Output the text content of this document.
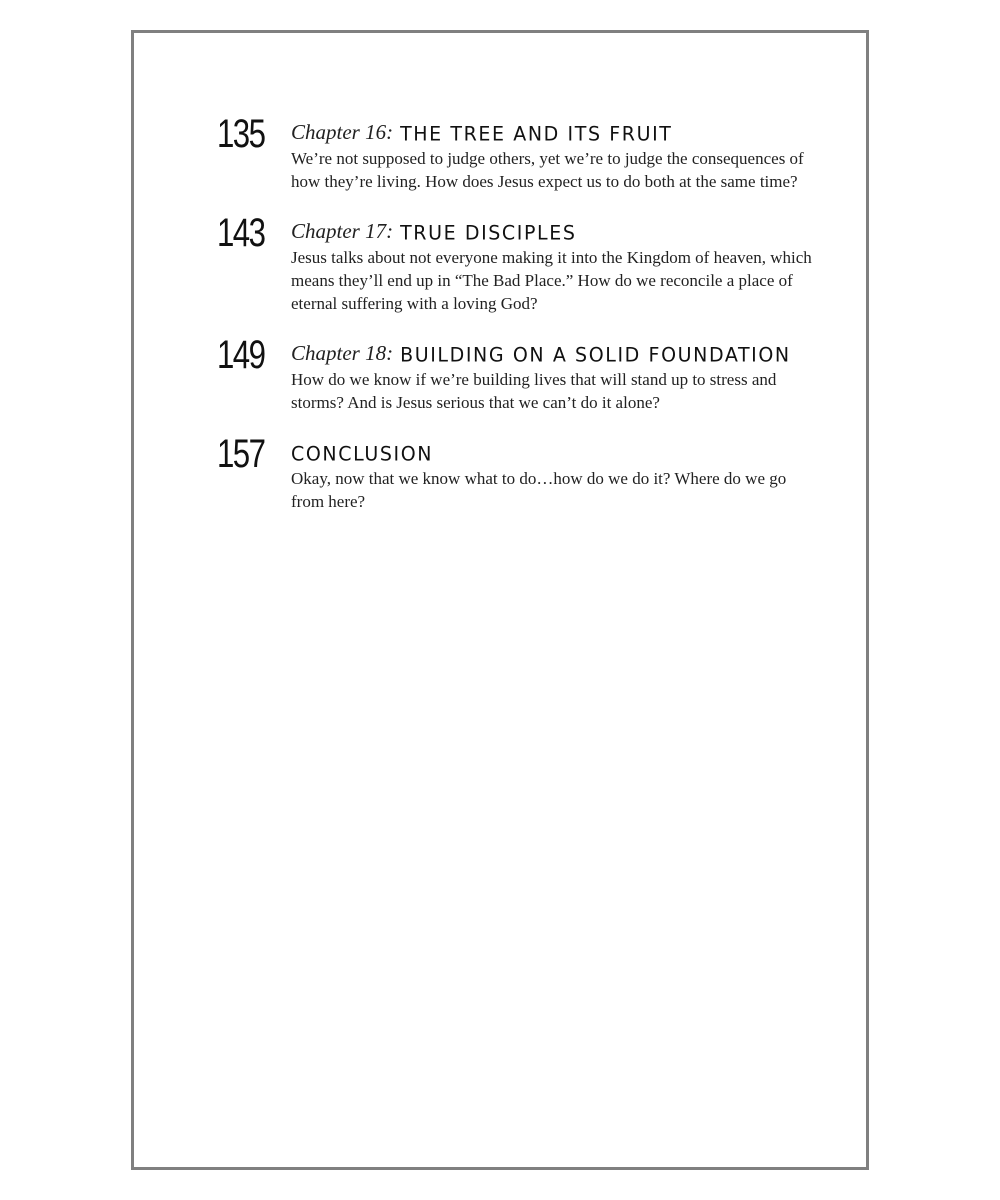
135	Chapter 16: THE TREE AND ITS FRUIT
We’re not supposed to judge others, yet we’re to judge the consequences of how they’re living. How does Jesus expect us to do both at the same time?
143	Chapter 17: TRUE DISCIPLES
Jesus talks about not everyone making it into the Kingdom of heaven, which means they’ll end up in “The Bad Place.” How do we reconcile a place of eternal suffering with a loving God?
149	Chapter 18: BUILDING ON A SOLID FOUNDATION
How do we know if we’re building lives that will stand up to stress and storms? And is Jesus serious that we can’t do it alone?
157	CONCLUSION
Okay, now that we know what to do…how do we do it? Where do we go from here?
